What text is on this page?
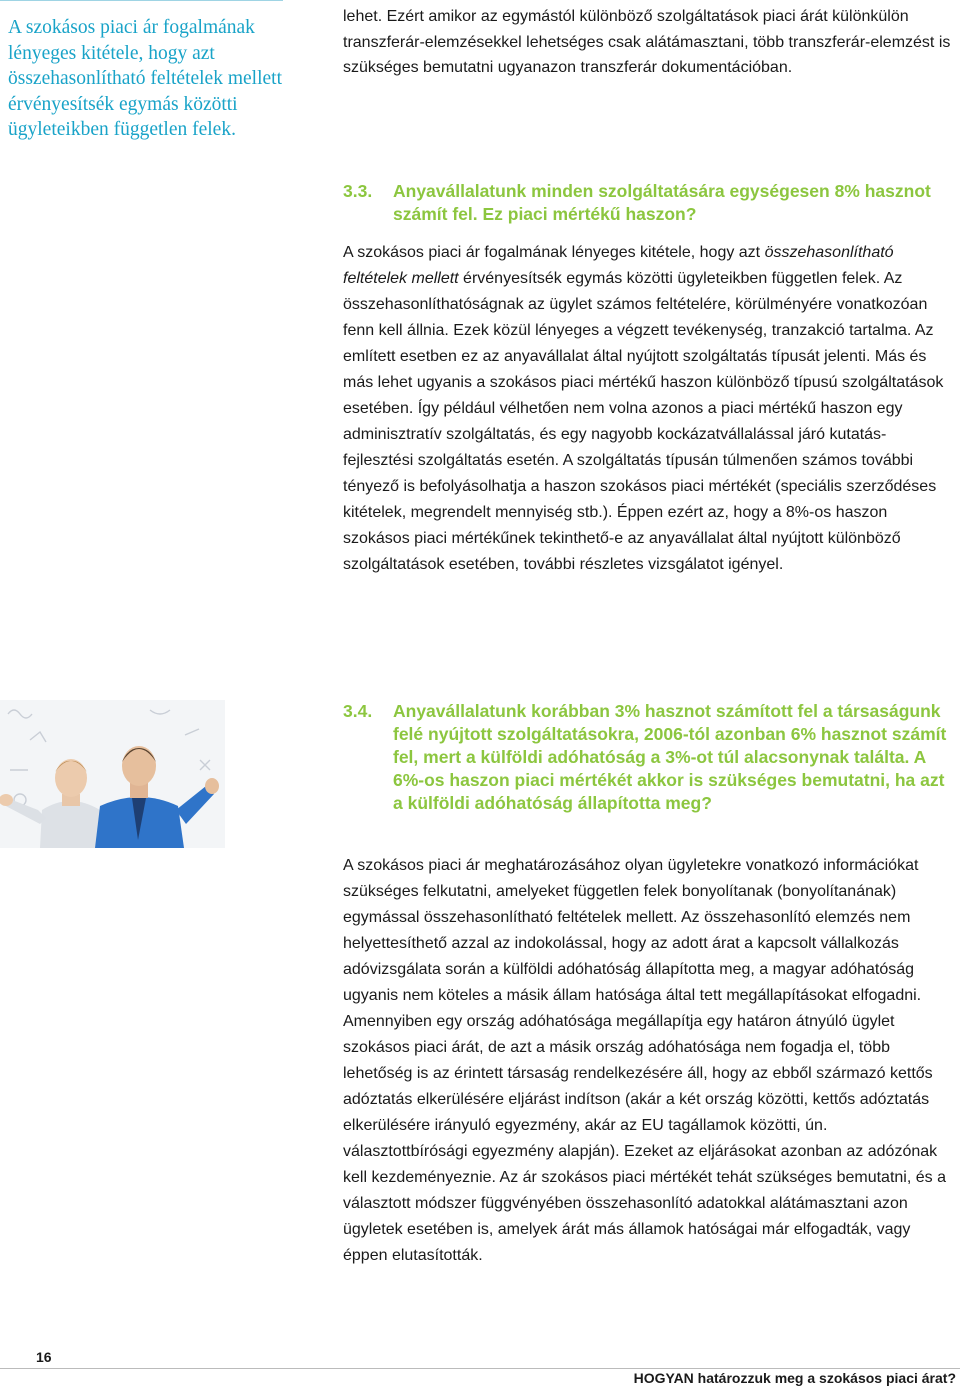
A szokásos piaci ár fogalmának lényeges kitétele, hogy azt összehasonlítható feltételek mellett érvényesítsék egymás közötti ügyleteikben független felek.

lehet. Ezért amikor az egymástól különböző szolgáltatások piaci árát különkülön transzferár-elemzésekkel lehetséges csak alátámasztani, több transzferár-elemzést is szükséges bemutatni ugyanazon transzferár dokumentációban.

3.3. Anyavállalatunk minden szolgáltatására egységesen 8% hasznot számít fel. Ez piaci mértékű haszon?

A szokásos piaci ár fogalmának lényeges kitétele, hogy azt összehasonlítható feltételek mellett érvényesítsék egymás közötti ügyleteikben független felek. Az összehasonlíthatóságnak az ügylet számos feltételére, körülményére vonatkozóan fenn kell állnia. Ezek közül lényeges a végzett tevékenység, tranzakció tartalma. Az említett esetben ez az anyavállalat által nyújtott szolgáltatás típusát jelenti. Más és más lehet ugyanis a szokásos piaci mértékű haszon különböző típusú szolgáltatások esetében. Így például vélhetően nem volna azonos a piaci mértékű haszon egy adminisztratív szolgáltatás, és egy nagyobb kockázatvállalással járó kutatás-fejlesztési szolgáltatás esetén. A szolgáltatás típusán túlmenően számos további tényező is befolyásolhatja a haszon szokásos piaci mértékét (speciális szerződéses kitételek, megrendelt mennyiség stb.). Éppen ezért az, hogy a 8%-os haszon szokásos piaci mértékűnek tekinthető-e az anyavállalat által nyújtott különböző szolgáltatások esetében, további részletes vizsgálatot igényel.

3.4. Anyavállalatunk korábban 3% hasznot számított fel a társaságunk felé nyújtott szolgáltatásokra, 2006-tól azonban 6% hasznot számít fel, mert a külföldi adóhatóság a 3%-ot túl alacsonynak találta. A 6%-os haszon piaci mértékét akkor is szükséges bemutatni, ha azt a külföldi adóhatóság állapította meg?

A szokásos piaci ár meghatározásához olyan ügyletekre vonatkozó információkat szükséges felkutatni, amelyeket független felek bonyolítanak (bonyolítanának) egymással összehasonlítható feltételek mellett. Az összehasonlító elemzés nem helyettesíthető azzal az indokolással, hogy az adott árat a kapcsolt vállalkozás adóvizsgálata során a külföldi adóhatóság állapította meg, a magyar adóhatóság ugyanis nem köteles a másik állam hatósága által tett megállapításokat elfogadni. Amennyiben egy ország adóhatósága megállapítja egy határon átnyúló ügylet szokásos piaci árát, de azt a másik ország adóhatósága nem fogadja el, több lehetőség is az érintett társaság rendelkezésére áll, hogy az ebből származó kettős adóztatás elkerülésére eljárást indítson (akár a két ország közötti, kettős adóztatás elkerülésére irányuló egyezmény, akár az EU tagállamok közötti, ún. választottbírósági egyezmény alapján). Ezeket az eljárásokat azonban az adózónak kell kezdeményeznie. Az ár szokásos piaci mértékét tehát szükséges bemutatni, és a választott módszer függvényében összehasonlító adatokkal alátámasztani azon ügyletek esetében is, amelyek árát más államok hatóságai már elfogadták, vagy éppen elutasították.

16
HOGYAN határozzuk meg a szokásos piaci árat?
